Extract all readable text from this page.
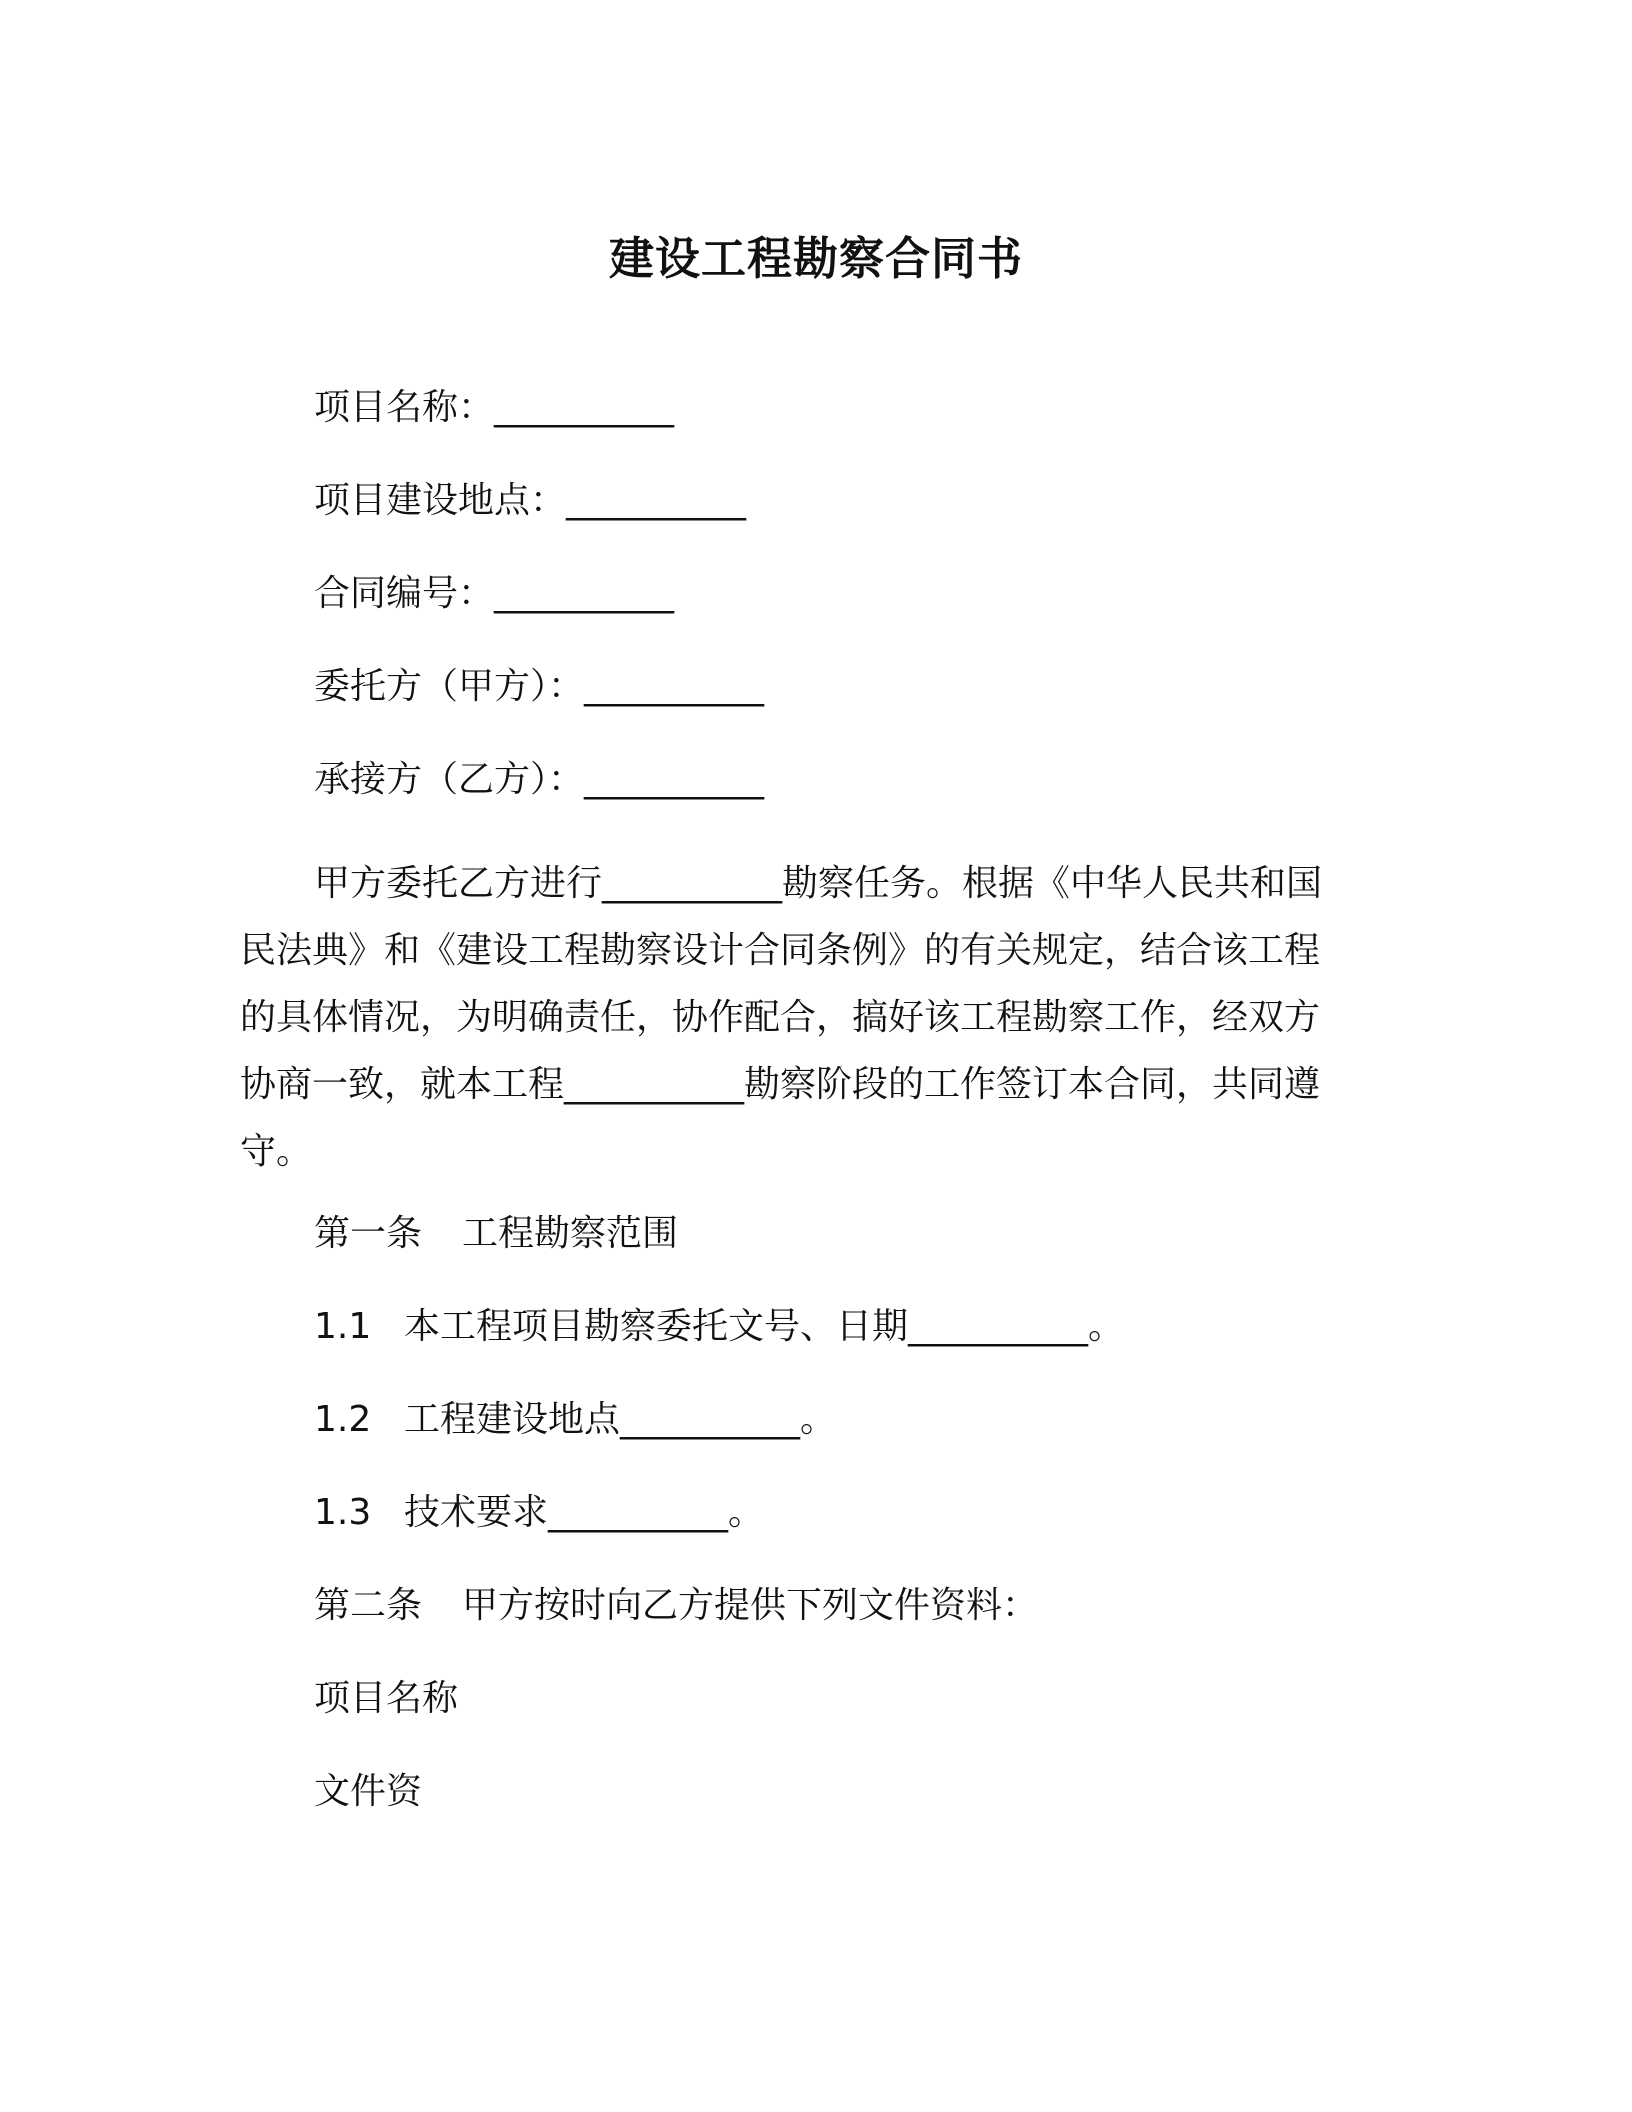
建设工程勘察合同书

项目名称：__________

项目建设地点：__________

合同编号：__________

委托方（甲方）：__________

承接方（乙方）：__________

甲方委托乙方进行__________勘察任务。根据《中华人民共和国
民法典》和《建设工程勘察设计合同条例》的有关规定，结合该工程
的具体情况，为明确责任，协作配合，搞好该工程勘察工作，经双方
协商一致，就本工程__________勘察阶段的工作签订本合同，共同遵
守。

第一条 工程勘察范围

1.1 本工程项目勘察委托文号、日期__________。

1.2 工程建设地点__________。

1.3 技术要求__________。

第二条 甲方按时向乙方提供下列文件资料：

项目名称

文件资
